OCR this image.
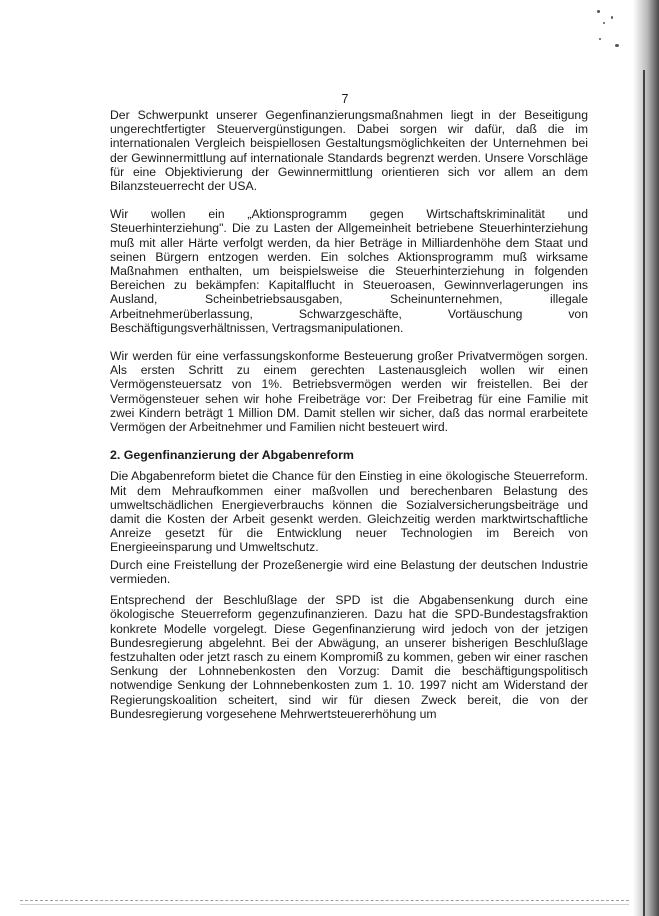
7

Der Schwerpunkt unserer Gegenfinanzierungsmaßnahmen liegt in der Beseitigung ungerechtfertigter Steuervergünstigungen. Dabei sorgen wir dafür, daß die im internationalen Vergleich beispiellosen Gestaltungsmöglichkeiten der Unternehmen bei der Gewinnermittlung auf internationale Standards begrenzt werden. Unsere Vorschläge für eine Objektivierung der Gewinnermittlung orientieren sich vor allem an dem Bilanzsteuerrecht der USA.

Wir wollen ein „Aktionsprogramm gegen Wirtschaftskriminalität und Steuerhinterziehung". Die zu Lasten der Allgemeinheit betriebene Steuerhinterziehung muß mit aller Härte verfolgt werden, da hier Beträge in Milliardenhöhe dem Staat und seinen Bürgern entzogen werden. Ein solches Aktionsprogramm muß wirksame Maßnahmen enthalten, um beispielsweise die Steuerhinterziehung in folgenden Bereichen zu bekämpfen: Kapitalflucht in Steueroasen, Gewinnverlagerungen ins Ausland, Scheinbetriebsausgaben, Scheinunternehmen, illegale Arbeitnehmerüberlassung, Schwarzgeschäfte, Vortäuschung von Beschäftigungsverhältnissen, Vertragsmanipulationen.

Wir werden für eine verfassungskonforme Besteuerung großer Privatvermögen sorgen. Als ersten Schritt zu einem gerechten Lastenausgleich wollen wir einen Vermögensteuersatz von 1%. Betriebsvermögen werden wir freistellen. Bei der Vermögensteuer sehen wir hohe Freibeträge vor: Der Freibetrag für eine Familie mit zwei Kindern beträgt 1 Million DM. Damit stellen wir sicher, daß das normal erarbeitete Vermögen der Arbeitnehmer und Familien nicht besteuert wird.

2. Gegenfinanzierung der Abgabenreform

Die Abgabenreform bietet die Chance für den Einstieg in eine ökologische Steuerreform. Mit dem Mehraufkommen einer maßvollen und berechenbaren Belastung des umweltschädlichen Energieverbrauchs können die Sozialversicherungsbeiträge und damit die Kosten der Arbeit gesenkt werden. Gleichzeitig werden marktwirtschaftliche Anreize gesetzt für die Entwicklung neuer Technologien im Bereich von Energieeinsparung und Umweltschutz.

Durch eine Freistellung der Prozeßenergie wird eine Belastung der deutschen Industrie vermieden.

Entsprechend der Beschlußlage der SPD ist die Abgabensenkung durch eine ökologische Steuerreform gegenzufinanzieren. Dazu hat die SPD-Bundestagsfraktion konkrete Modelle vorgelegt. Diese Gegenfinanzierung wird jedoch von der jetzigen Bundesregierung abgelehnt. Bei der Abwägung, an unserer bisherigen Beschlußlage festzuhalten oder jetzt rasch zu einem Kompromiß zu kommen, geben wir einer raschen Senkung der Lohnnebenkosten den Vorzug: Damit die beschäftigungspolitisch notwendige Senkung der Lohnnebenkosten zum 1. 10. 1997 nicht am Widerstand der Regierungskoalition scheitert, sind wir für diesen Zweck bereit, die von der Bundesregierung vorgesehene Mehrwertsteuererhöhung um
